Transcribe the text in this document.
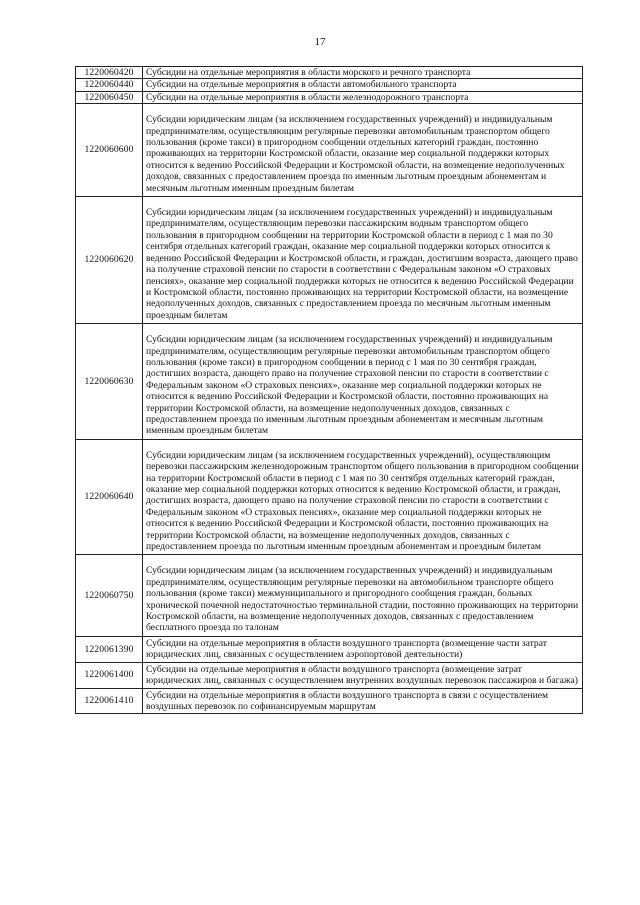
17
1220060420	Субсидии на отдельные мероприятия в области морского и речного транспорта
1220060440	Субсидии на отдельные мероприятия в области автомобильного транспорта
1220060450	Субсидии на отдельные мероприятия в области железнодорожного транспорта
1220060600	Субсидии юридическим лицам (за исключением государственных учреждений) и индивидуальным предпринимателям, осуществляющим регулярные перевозки автомобильным транспортом общего пользования (кроме такси) в пригородном сообщении отдельных категорий граждан, постоянно проживающих на территории Костромской области, оказание мер социальной поддержки которых относится к ведению Российской Федерации и Костромской области, на возмещение недополученных доходов, связанных с предоставлением проезда по именным льготным проездным абонементам и месячным льготным именным проездным билетам
1220060620	Субсидии юридическим лицам (за исключением государственных учреждений) и индивидуальным предпринимателям, осуществляющим перевозки пассажирским водным транспортом общего пользования в пригородном сообщении на территории Костромской области в период с 1 мая по 30 сентября отдельных категорий граждан, оказание мер социальной поддержки которых относится к ведению Российской Федерации и Костромской области, и граждан, достигшим возраста, дающего право на получение страховой пенсии по старости в соответствии с Федеральным законом «О страховых пенсиях», оказание мер социальной поддержки которых не относится к ведению Российской Федерации и Костромской области, постоянно проживающих на территории Костромской области, на возмещение недополученных доходов, связанных с предоставлением проезда по месячным льготным именным проездным билетам
1220060630	Субсидии юридическим лицам (за исключением государственных учреждений) и индивидуальным предпринимателям, осуществляющим регулярные перевозки автомобильным транспортом общего пользования (кроме такси) в пригородном сообщении в период с 1 мая по 30 сентября граждан, достигших возраста, дающего право на получение страховой пенсии по старости в соответствии с Федеральным законом «О страховых пенсиях», оказание мер социальной поддержки которых не относится к ведению Российской Федерации и Костромской области, постоянно проживающих на территории Костромской области, на возмещение недополученных доходов, связанных с предоставлением проезда по именным льготным проездным абонементам и месячным льготным именным проездным билетам
1220060640	Субсидии юридическим лицам (за исключением государственных учреждений), осуществляющим перевозки пассажирским железнодорожным транспортом общего пользования в пригородном сообщении на территории Костромской области в период с 1 мая по 30 сентября отдельных категорий граждан, оказание мер социальной поддержки которых относится к ведению Костромской области, и граждан, достигших возраста, дающего право на получение страховой пенсии по старости в соответствии с Федеральным законом «О страховых пенсиях», оказание мер социальной поддержки которых не относится к ведению Российской Федерации и Костромской области, постоянно проживающих на территории Костромской области, на возмещение недополученных доходов, связанных с предоставлением проезда по льготным именным проездным абонементам и проездным билетам
1220060750	Субсидии юридическим лицам (за исключением государственных учреждений) и индивидуальным предпринимателям, осуществляющим регулярные перевозки на автомобильном транспорте общего пользования (кроме такси) межмуниципального и пригородного сообщения граждан, больных хронической почечной недостаточностью терминальной стадии, постоянно проживающих на территории Костромской области, на возмещение недополученных доходов, связанных с предоставлением бесплатного проезда по талонам
1220061390	Субсидии на отдельные мероприятия в области воздушного транспорта (возмещение части затрат юридических лиц, связанных с осуществлением аэропортовой деятельности)
1220061400	Субсидии на отдельные мероприятия в области воздушного транспорта (возмещение затрат юридических лиц, связанных с осуществлением внутренних воздушных перевозок пассажиров и багажа)
1220061410	Субсидии на отдельные мероприятия в области воздушного транспорта в связи с осуществлением воздушных перевозок по софинансируемым маршрутам
